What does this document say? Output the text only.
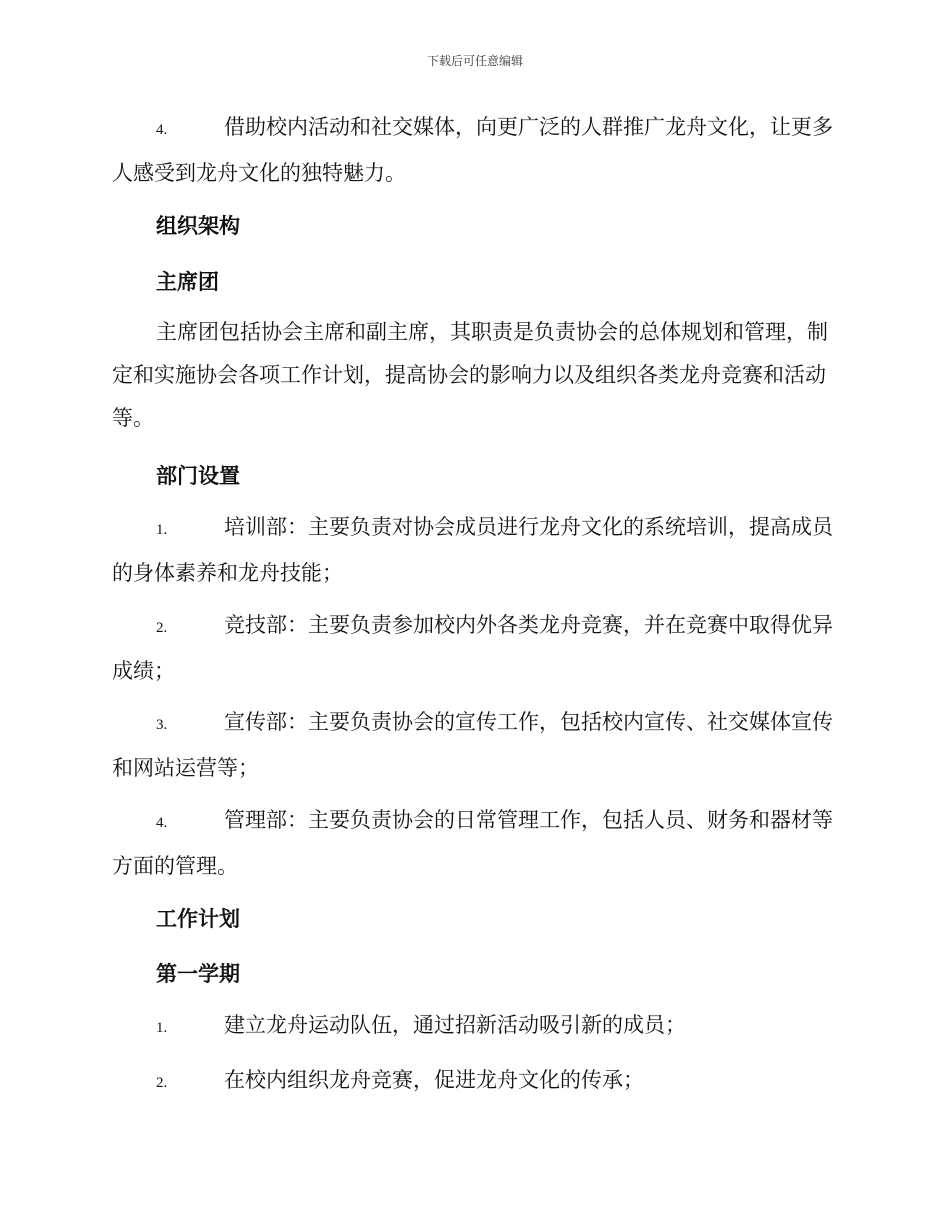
下载后可任意编辑
4.	借助校内活动和社交媒体，向更广泛的人群推广龙舟文化，让更多人感受到龙舟文化的独特魅力。
组织架构
主席团

主席团包括协会主席和副主席，其职责是负责协会的总体规划和管理，制定和实施协会各项工作计划，提高协会的影响力以及组织各类龙舟竞赛和活动等。

部门设置
1.	培训部：主要负责对协会成员进行龙舟文化的系统培训，提高成员的身体素养和龙舟技能；
2.	竞技部：主要负责参加校内外各类龙舟竞赛，并在竞赛中取得优异成绩；
3.	宣传部：主要负责协会的宣传工作，包括校内宣传、社交媒体宣传和网站运营等；
4.	管理部：主要负责协会的日常管理工作，包括人员、财务和器材等方面的管理。
工作计划
第一学期
1.	建立龙舟运动队伍，通过招新活动吸引新的成员；
2.	在校内组织龙舟竞赛，促进龙舟文化的传承；
